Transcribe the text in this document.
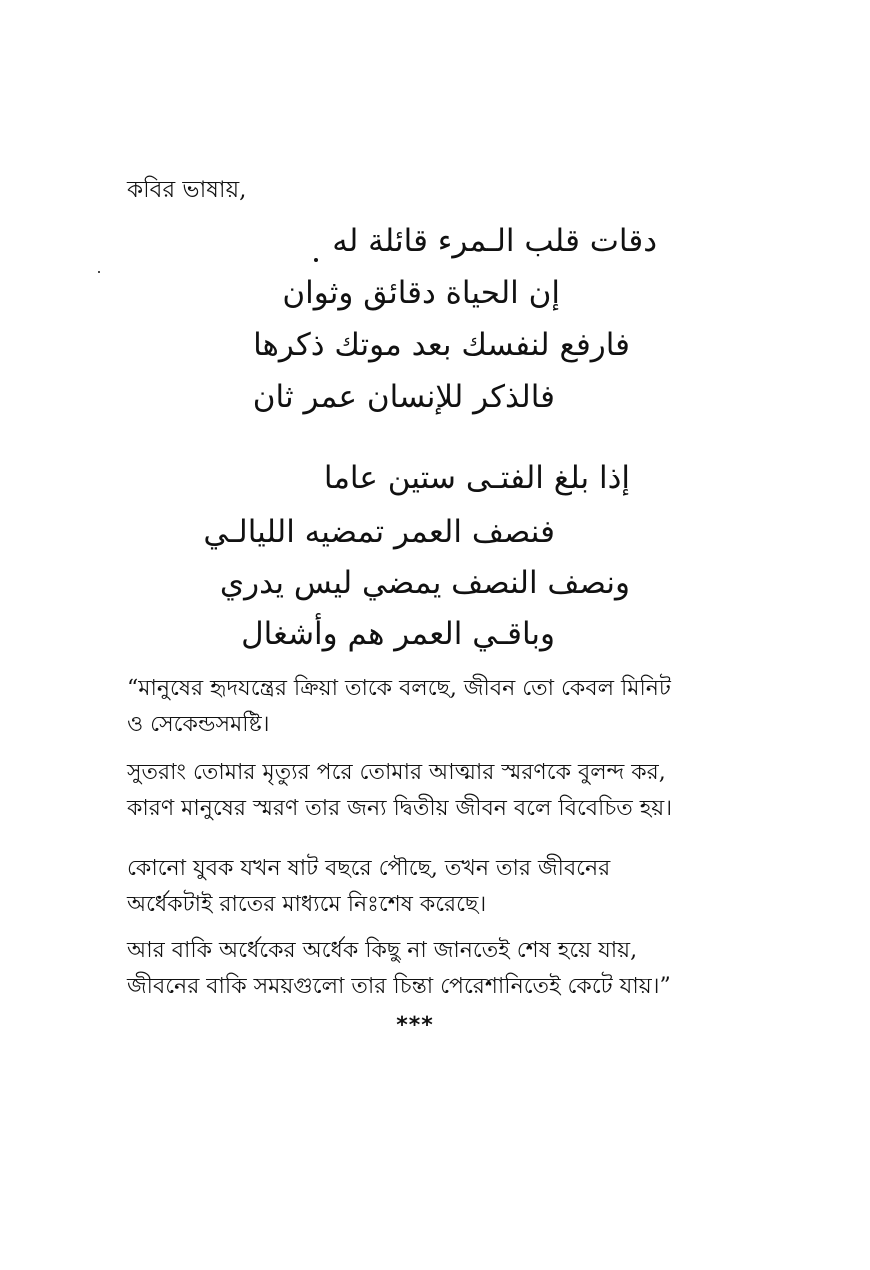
কবির ভাষায়,
دقات قلب الـمرء قائلة له
إن الحياة دقائق وثوان
فارفع لنفسك بعد موتك ذكرها
فالذكر للإنسان عمر ثان
إذا بلغ الفتـى ستين عاما
فنصف العمر تمضيه الليالـي
ونصف النصف يمضي ليس يدري
وباقـي العمر هم وأشغال
“মানুষের হৃদযন্ত্রের ক্রিয়া তাকে বলছে, জীবন তো কেবল মিনিট
ও সেকেন্ডসমষ্টি।
সুতরাং তোমার মৃত্যুর পরে তোমার আত্মার স্মরণকে বুলন্দ কর,
কারণ মানুষের স্মরণ তার জন্য দ্বিতীয় জীবন বলে বিবেচিত হয়।
কোনো যুবক যখন ষাট বছরে পৌছে, তখন তার জীবনের
অর্ধেকটাই রাতের মাধ্যমে নিঃশেষ করেছে।
আর বাকি অর্ধেকের অর্ধেক কিছু না জানতেই শেষ হয়ে যায়,
জীবনের বাকি সময়গুলো তার চিন্তা পেরেশানিতেই কেটে যায়।”
***
